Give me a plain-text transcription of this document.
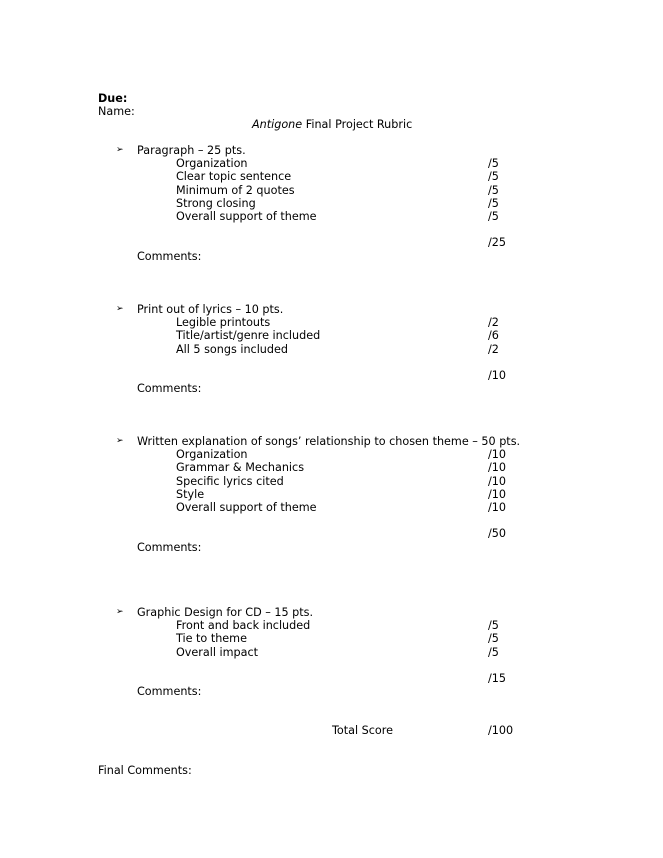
Due:
Name:
Antigone Final Project Rubric
➢ Paragraph – 25 pts.
Organization	/5
Clear topic sentence	/5
Minimum of 2 quotes	/5
Strong closing	/5
Overall support of theme	/5
/25
Comments:
➢ Print out of lyrics – 10 pts.
Legible printouts	/2
Title/artist/genre included	/6
All 5 songs included	/2
/10
Comments:
➢ Written explanation of songs’ relationship to chosen theme – 50 pts.
Organization	/10
Grammar & Mechanics	/10
Specific lyrics cited	/10
Style	/10
Overall support of theme	/10
/50
Comments:
➢ Graphic Design for CD – 15 pts.
Front and back included	/5
Tie to theme	/5
Overall impact	/5
/15
Comments:
Total Score	/100
Final Comments:
